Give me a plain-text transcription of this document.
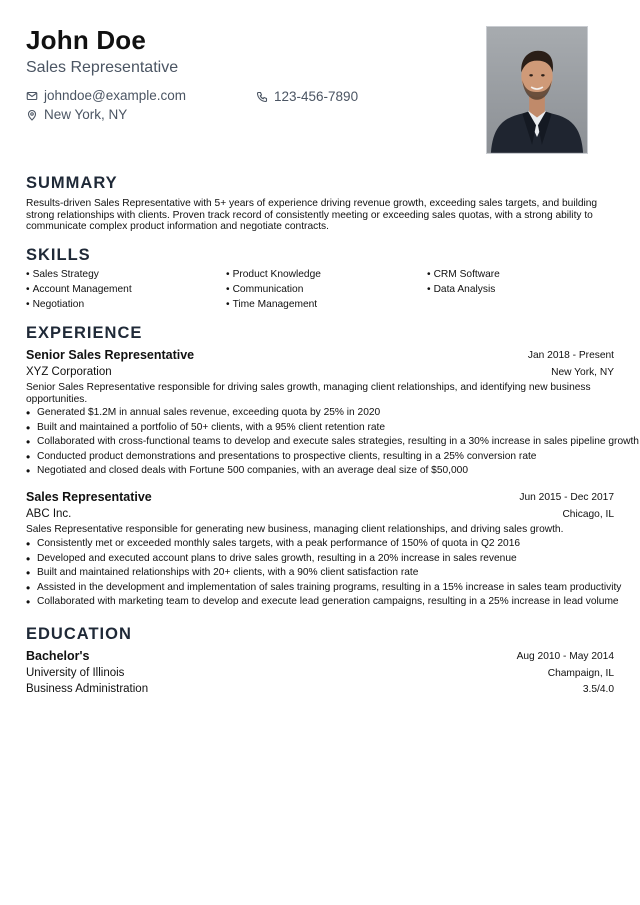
John Doe
Sales Representative
johndoe@example.com	123-456-7890
New York, NY
SUMMARY
Results-driven Sales Representative with 5+ years of experience driving revenue growth, exceeding sales targets, and building strong relationships with clients. Proven track record of consistently meeting or exceeding sales quotas, with a strong ability to communicate complex product information and negotiate contracts.
SKILLS
• Sales Strategy	• Product Knowledge	• CRM Software
• Account Management	• Communication	• Data Analysis
• Negotiation	• Time Management
EXPERIENCE
Senior Sales Representative	Jan 2018 - Present
XYZ Corporation	New York, NY
Senior Sales Representative responsible for driving sales growth, managing client relationships, and identifying new business opportunities.
• Generated $1.2M in annual sales revenue, exceeding quota by 25% in 2020
• Built and maintained a portfolio of 50+ clients, with a 95% client retention rate
• Collaborated with cross-functional teams to develop and execute sales strategies, resulting in a 30% increase in sales pipeline growth
• Conducted product demonstrations and presentations to prospective clients, resulting in a 25% conversion rate
• Negotiated and closed deals with Fortune 500 companies, with an average deal size of $50,000
Sales Representative	Jun 2015 - Dec 2017
ABC Inc.	Chicago, IL
Sales Representative responsible for generating new business, managing client relationships, and driving sales growth.
• Consistently met or exceeded monthly sales targets, with a peak performance of 150% of quota in Q2 2016
• Developed and executed account plans to drive sales growth, resulting in a 20% increase in sales revenue
• Built and maintained relationships with 20+ clients, with a 90% client satisfaction rate
• Assisted in the development and implementation of sales training programs, resulting in a 15% increase in sales team productivity
• Collaborated with marketing team to develop and execute lead generation campaigns, resulting in a 25% increase in lead volume
EDUCATION
Bachelor's	Aug 2010 - May 2014
University of Illinois	Champaign, IL
Business Administration	3.5/4.0
